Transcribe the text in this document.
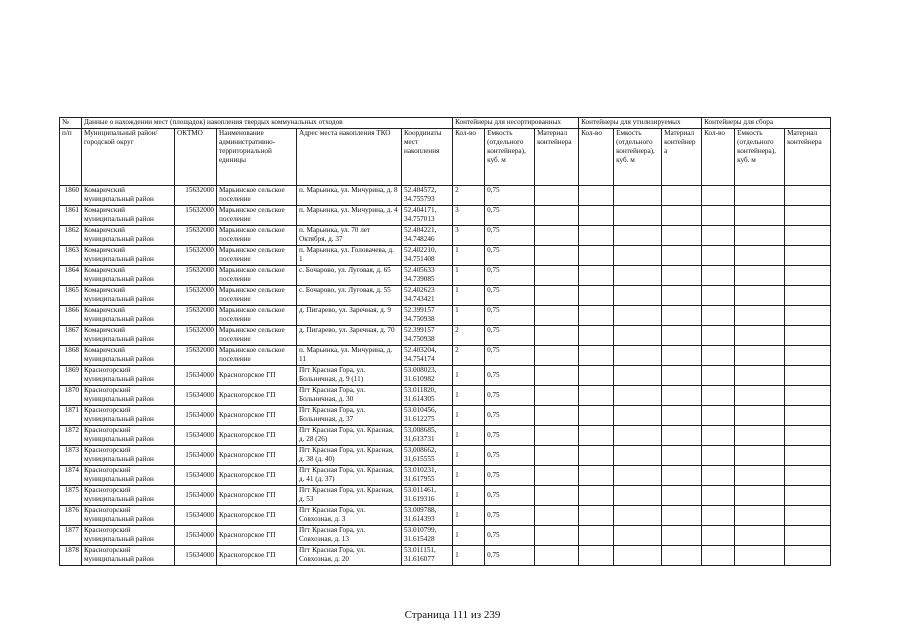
№	Данные о нахождении мест (площадок) накопления твердых коммунальных отходов					Контейнеры для несортированных			Контейнеры для утилизируемых			Контейнеры для сбора		
п/п	Муниципальный район/городской округ	ОКТМО	Наименование административно-территориальной единицы	Адрес места накопления ТКО	Координаты мест накопления	Кол-во	Емкость (отдельного контейнера), куб. м	Материал контейнера	Кол-во	Емкость (отдельного контейнера), куб. м	Материал контейнер а	Кол-во	Емкость (отдельного контейнера), куб. м	Материал контейнера
1860	Комаричский муниципальный район	15632000	Марьинское сельское поселение	п. Марьинка, ул. Мичурина, д. 8	52.404572, 34.755793	2	0,75							
1861	Комаричский муниципальный район	15632000	Марьинское сельское поселение	п. Марьинка, ул. Мичурина, д. 4	52.404171, 34.757013	3	0,75							
1862	Комаричский муниципальный район	15632000	Марьинское сельское поселение	п. Марьинка, ул. 70 лет Октября, д. 37	52.404221, 34.748246	3	0,75							
1863	Комаричский муниципальный район	15632000	Марьинское сельское поселение	п. Марьинка, ул. Головачева, д. 1	52.402210, 34.751408	1	0,75							
1864	Комаричский муниципальный район	15632000	Марьинское сельское поселение	с. Бочарово, ул. Луговая, д. 65	52.405633 34.739085	1	0,75							
1865	Комаричский муниципальный район	15632000	Марьинское сельское поселение	с. Бочарово, ул. Луговая, д. 55	52.402623 34.743421	1	0,75							
1866	Комаричский муниципальный район	15632000	Марьинское сельское поселение	д. Пигарево, ул. Заречная, д. 9	52.399157 34.750938	1	0,75							
1867	Комаричский муниципальный район	15632000	Марьинское сельское поселение	д. Пигарево, ул. Заречная, д. 70	52.399157 34.750938	2	0,75							
1868	Комаричский муниципальный район	15632000	Марьинское сельское поселение	п. Марьинка, ул. Мичурина, д. 11	52.403204, 34.754174	2	0,75							
1869	Красногорский муниципальный район	15634000	Красногорское ГП	Пгт Красная Гора, ул. Больничная, д. 9 (11)	53.008023, 31.610982	1	0,75							
1870	Красногорский муниципальный район	15634000	Красногорское ГП	Пгт Красная Гора, ул. Больничная, д. 30	53.011820, 31.614305	1	0,75							
1871	Красногорский муниципальный район	15634000	Красногорское ГП	Пгт Красная Гора, ул. Больничная, д. 37	53.010456, 31.612275	1	0,75							
1872	Красногорский муниципальный район	15634000	Красногорское ГП	Пгт Красная Гора, ул. Красная, д. 28 (26)	53,008685, 31,613731	1	0,75							
1873	Красногорский муниципальный район	15634000	Красногорское ГП	Пгт Красная Гора, ул. Красная, д. 38 (д. 40)	53,008662, 31,615555	1	0,75							
1874	Красногорский муниципальный район	15634000	Красногорское ГП	Пгт Красная Гора, ул. Красная, д. 41 (д. 37)	53.010231, 31.617955	1	0,75							
1875	Красногорский муниципальный район	15634000	Красногорское ГП	Пгт Красная Гора, ул. Красная, д. 53	53.011461, 31.619316	1	0,75							
1876	Красногорский муниципальный район	15634000	Красногорское ГП	Пгт Красная Гора, ул. Совхозная, д. 3	53.009788, 31.614393	1	0,75							
1877	Красногорский муниципальный район	15634000	Красногорское ГП	Пгт Красная Гора, ул. Совхозная, д. 13	53.010799, 31.615428	1	0,75							
1878	Красногорский муниципальный район	15634000	Красногорское ГП	Пгт Красная Гора, ул. Совхозная, д. 20	53.011151, 31.616077	1	0,75							
Страница 111 из 239
